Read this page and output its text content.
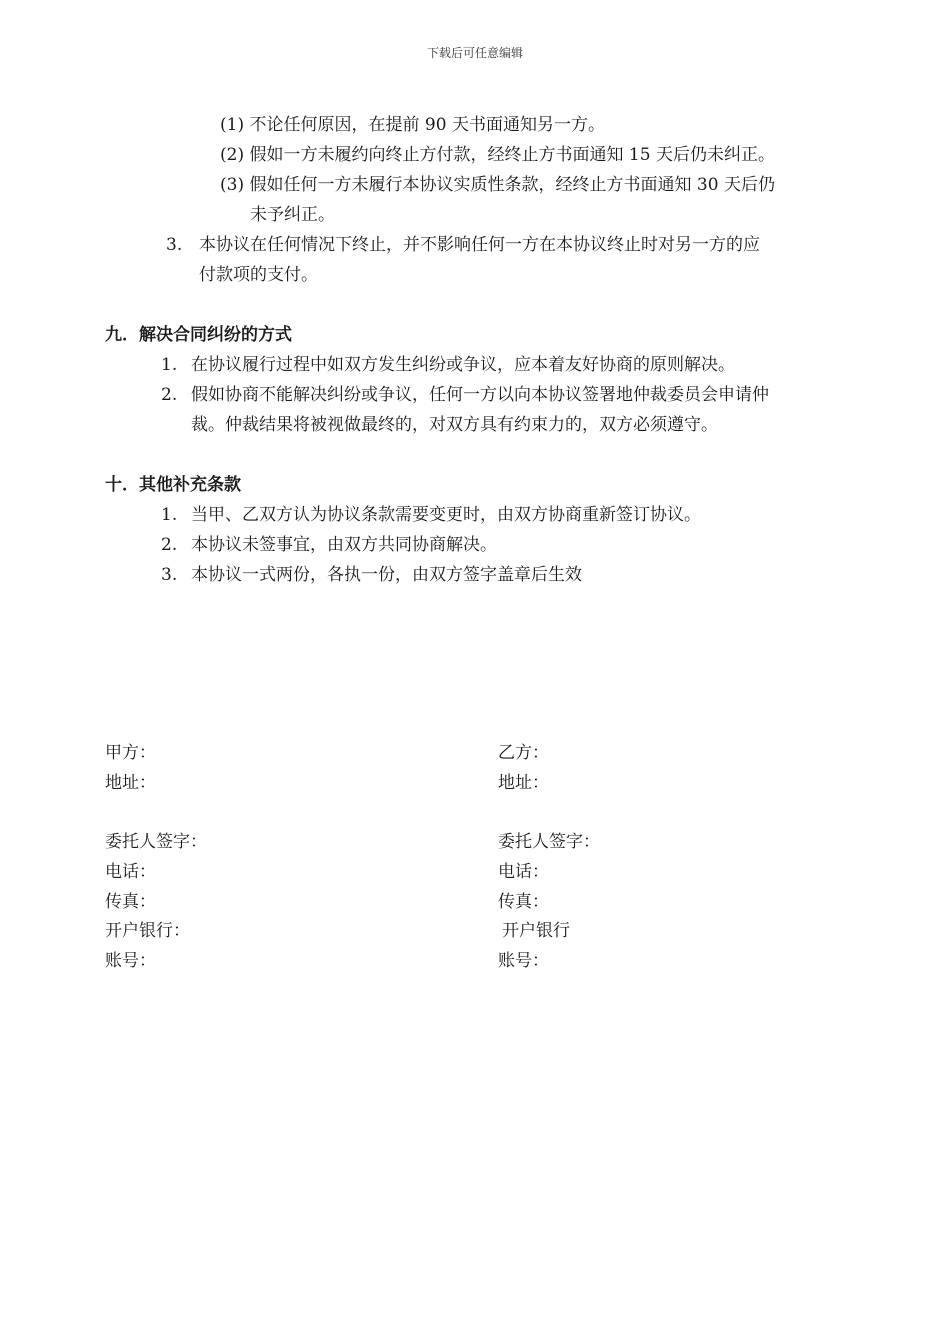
下载后可任意编辑
(1) 不论任何原因，在提前 90 天书面通知另一方。
(2) 假如一方未履约向终止方付款，经终止方书面通知 15 天后仍未纠正。
(3) 假如任何一方未履行本协议实质性条款，经终止方书面通知 30 天后仍
未予纠正。
3. 本协议在任何情况下终止，并不影响任何一方在本协议终止时对另一方的应
付款项的支付。
九．解决合同纠纷的方式
1. 在协议履行过程中如双方发生纠纷或争议，应本着友好协商的原则解决。
2. 假如协商不能解决纠纷或争议，任何一方以向本协议签署地仲裁委员会申请仲
裁。仲裁结果将被视做最终的，对双方具有约束力的，双方必须遵守。
十．其他补充条款
1. 当甲、乙双方认为协议条款需要变更时，由双方协商重新签订协议。
2. 本协议未签事宜，由双方共同协商解决。
3. 本协议一式两份，各执一份，由双方签字盖章后生效
甲方：
地址：
委托人签字：
电话：
传真：
开户银行：
账号：
乙方：
地址：
委托人签字：
电话：
传真：
开户银行
账号：
